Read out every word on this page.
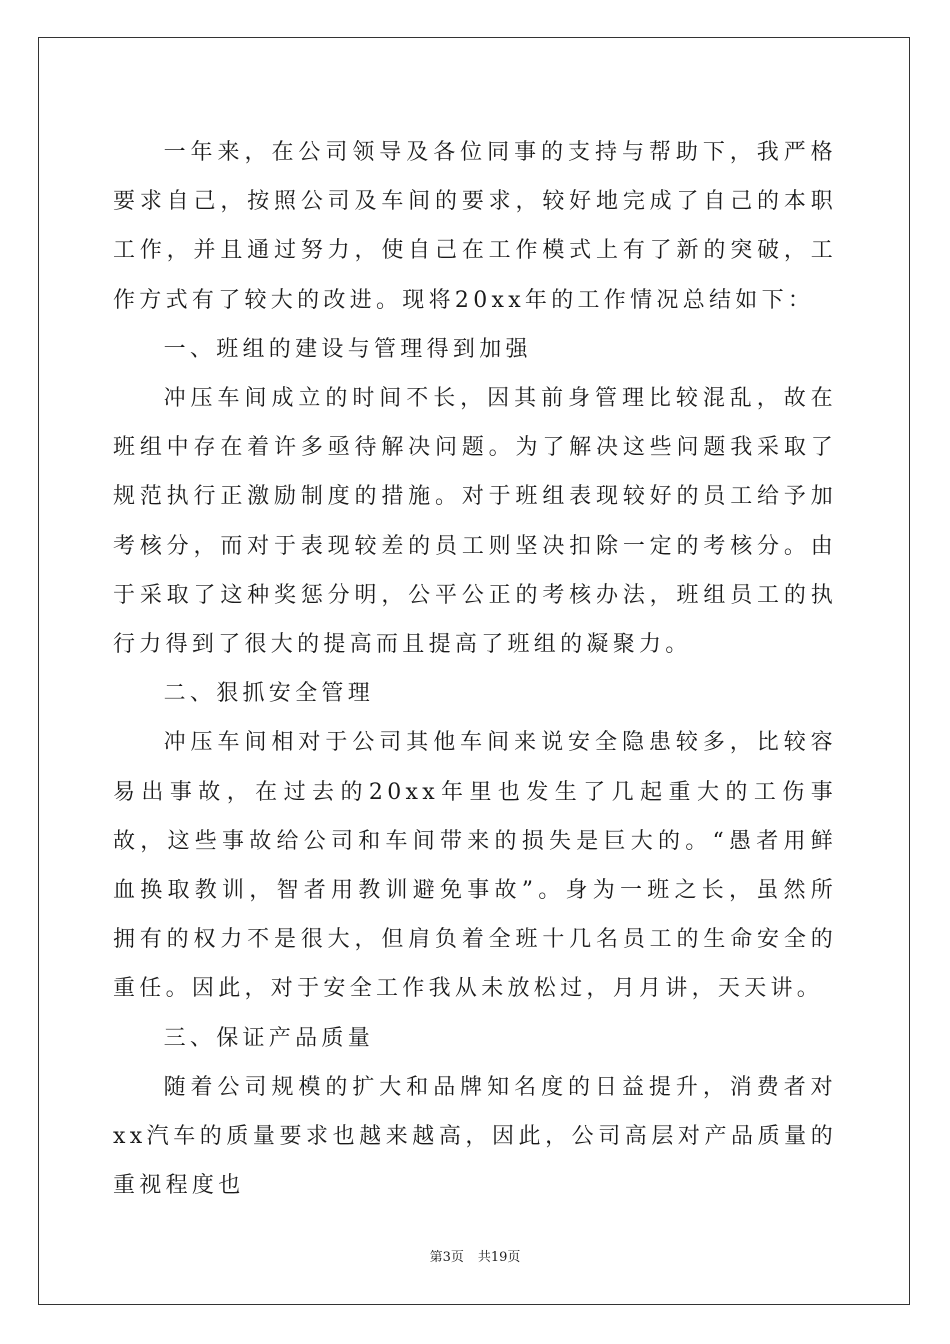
一年来，在公司领导及各位同事的支持与帮助下，我严格要求自己，按照公司及车间的要求，较好地完成了自己的本职工作，并且通过努力，使自己在工作模式上有了新的突破，工作方式有了较大的改进。现将20xx年的工作情况总结如下：

一、班组的建设与管理得到加强

冲压车间成立的时间不长，因其前身管理比较混乱，故在班组中存在着许多亟待解决问题。为了解决这些问题我采取了规范执行正激励制度的措施。对于班组表现较好的员工给予加考核分，而对于表现较差的员工则坚决扣除一定的考核分。由于采取了这种奖惩分明，公平公正的考核办法，班组员工的执行力得到了很大的提高而且提高了班组的凝聚力。

二、狠抓安全管理

冲压车间相对于公司其他车间来说安全隐患较多，比较容易出事故，在过去的20xx年里也发生了几起重大的工伤事故，这些事故给公司和车间带来的损失是巨大的。“愚者用鲜血换取教训，智者用教训避免事故”。身为一班之长，虽然所拥有的权力不是很大，但肩负着全班十几名员工的生命安全的重任。因此，对于安全工作我从未放松过，月月讲，天天讲。

三、保证产品质量

随着公司规模的扩大和品牌知名度的日益提升，消费者对xx汽车的质量要求也越来越高，因此，公司高层对产品质量的重视程度也

第3页 共19页
